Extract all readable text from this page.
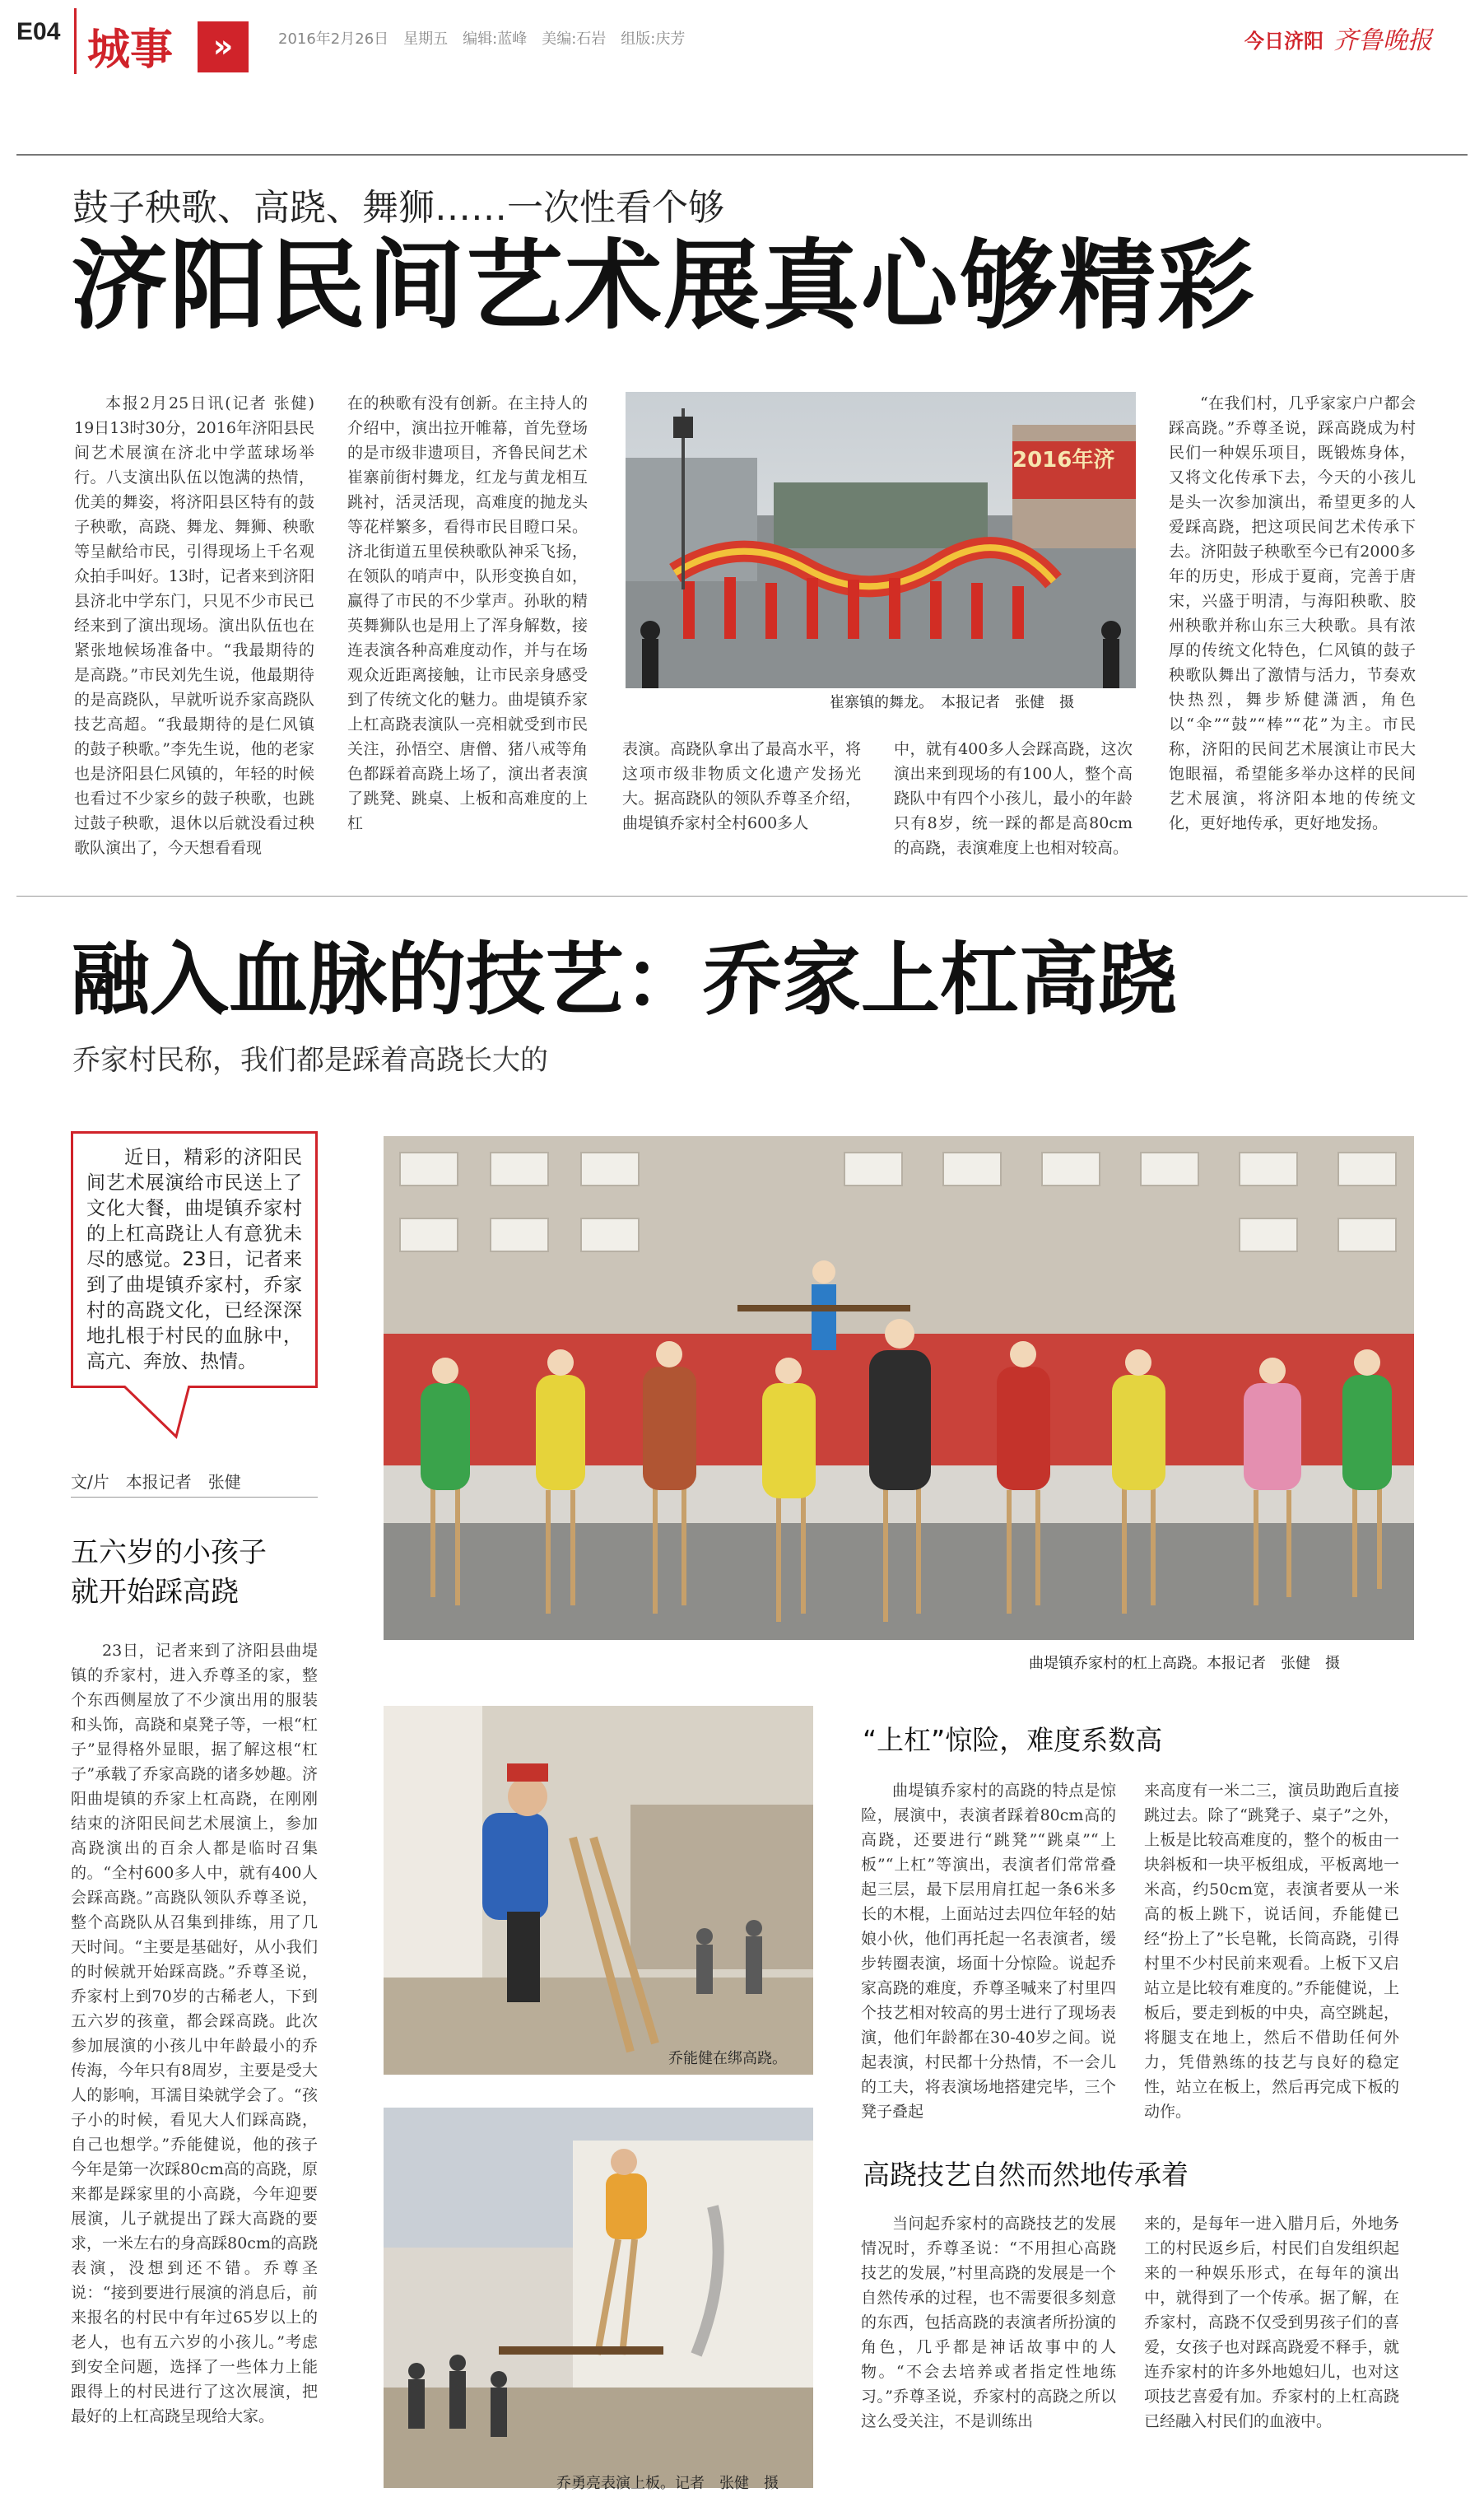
E04 城事	»	2016年2月26日　星期五　编辑:蓝峰　美编:石岩　组版:庆芳	今日济阳 齐鲁晚报
鼓子秧歌、高跷、舞狮……一次性看个够
济阳民间艺术展真心够精彩

本报2月25日讯(记者 张健) 19日13时30分，2016年济阳县民间艺术展演在济北中学蓝球场举行。八支演出队伍以饱满的热情，优美的舞姿，将济阳县区特有的鼓子秧歌，高跷、舞龙、舞狮、秧歌等呈献给市民，引得现场上千名观众拍手叫好。13时，记者来到济阳县济北中学东门，只见不少市民已经来到了演出现场。演出队伍也在紧张地候场准备中。“我最期待的是高跷。”市民刘先生说，他最期待的是高跷队，早就听说乔家高跷队技艺高超。“我最期待的是仁风镇的鼓子秧歌。”李先生说，他的老家也是济阳县仁风镇的，年轻的时候也看过不少家乡的鼓子秧歌，也跳过鼓子秧歌，退休以后就没看过秧歌队演出了，今天想看看现

在的秧歌有没有创新。在主持人的介绍中，演出拉开帷幕，首先登场的是市级非遗项目，齐鲁民间艺术崔寨前街村舞龙，红龙与黄龙相互跳衬，活灵活现，高难度的抛龙头等花样繁多，看得市民目瞪口呆。济北街道五里侯秧歌队神采飞扬，在领队的哨声中，队形变换自如，赢得了市民的不少掌声。孙耿的精英舞狮队也是用上了浑身解数，接连表演各种高难度动作，并与在场观众近距离接触，让市民亲身感受到了传统文化的魅力。曲堤镇乔家上杠高跷表演队一亮相就受到市民关注，孙悟空、唐僧、猪八戒等角色都踩着高跷上场了，演出者表演了跳凳、跳桌、上板和高难度的上杠

2016年济
崔寨镇的舞龙。　本报记者　张健　摄

表演。高跷队拿出了最高水平，将这项市级非物质文化遗产发扬光大。据高跷队的领队乔尊圣介绍，曲堤镇乔家村全村600多人

中，就有400多人会踩高跷，这次演出来到现场的有100人，整个高跷队中有四个小孩儿，最小的年龄只有8岁，统一踩的都是高80cm的高跷，表演难度上也相对较高。

“在我们村，几乎家家户户都会踩高跷。”乔尊圣说，踩高跷成为村民们一种娱乐项目，既锻炼身体，又将文化传承下去，今天的小孩儿是头一次参加演出，希望更多的人爱踩高跷，把这项民间艺术传承下去。济阳鼓子秧歌至今已有2000多年的历史，形成于夏商，完善于唐宋，兴盛于明清，与海阳秧歌、胶州秧歌并称山东三大秧歌。具有浓厚的传统文化特色，仁风镇的鼓子秧歌队舞出了激情与活力，节奏欢快热烈，舞步矫健潇洒，角色以“伞”“鼓”“棒”“花”为主。市民称，济阳的民间艺术展演让市民大饱眼福，希望能多举办这样的民间艺术展演，将济阳本地的传统文化，更好地传承，更好地发扬。

融入血脉的技艺：乔家上杠高跷
乔家村民称，我们都是踩着高跷长大的
近日，精彩的济阳民间艺术展演给市民送上了文化大餐，曲堤镇乔家村的上杠高跷让人有意犹未尽的感觉。23日，记者来到了曲堤镇乔家村，乔家村的高跷文化，已经深深地扎根于村民的血脉中，高亢、奔放、热情。
文/片　本报记者　张健
五六岁的小孩子
就开始踩高跷

23日，记者来到了济阳县曲堤镇的乔家村，进入乔尊圣的家，整个东西侧屋放了不少演出用的服装和头饰，高跷和桌凳子等，一根“杠子”显得格外显眼，据了解这根“杠子”承载了乔家高跷的诸多妙趣。济阳曲堤镇的乔家上杠高跷，在刚刚结束的济阳民间艺术展演上，参加高跷演出的百余人都是临时召集的。“全村600多人中，就有400人会踩高跷。”高跷队领队乔尊圣说，整个高跷队从召集到排练，用了几天时间。“主要是基础好，从小我们的时候就开始踩高跷。”乔尊圣说，乔家村上到70岁的古稀老人，下到五六岁的孩童，都会踩高跷。此次参加展演的小孩儿中年龄最小的乔传海，今年只有8周岁，主要是受大人的影响，耳濡目染就学会了。“孩子小的时候，看见大人们踩高跷，自己也想学。”乔能健说，他的孩子今年是第一次踩80cm高的高跷，原来都是踩家里的小高跷，今年迎要展演，儿子就提出了踩大高跷的要求，一米左右的身高踩80cm的高跷表演，没想到还不错。乔尊圣说：“接到要进行展演的消息后，前来报名的村民中有年过65岁以上的老人，也有五六岁的小孩儿。”考虑到安全问题，选择了一些体力上能跟得上的村民进行了这次展演，把最好的上杠高跷呈现给大家。

曲堤镇乔家村的杠上高跷。本报记者　张健　摄
乔能健在绑高跷。
乔勇亮表演上板。记者　张健　摄
“上杠”惊险，难度系数高

曲堤镇乔家村的高跷的特点是惊险，展演中，表演者踩着80cm高的高跷，还要进行“跳凳”“跳桌”“上板”“上杠”等演出，表演者们常常叠起三层，最下层用肩扛起一条6米多长的木棍，上面站过去四位年轻的姑娘小伙，他们再托起一名表演者，缓步转圈表演，场面十分惊险。说起乔家高跷的难度，乔尊圣喊来了村里四个技艺相对较高的男士进行了现场表演，他们年龄都在30-40岁之间。说起表演，村民都十分热情，不一会儿的工夫，将表演场地搭建完毕，三个凳子叠起

来高度有一米二三，演员助跑后直接跳过去。除了“跳凳子、桌子”之外，上板是比较高难度的，整个的板由一块斜板和一块平板组成，平板离地一米高，约50cm宽，表演者要从一米高的板上跳下，说话间，乔能健已经“扮上了”长皂靴，长筒高跷，引得村里不少村民前来观看。上板下又启站立是比较有难度的。”乔能健说，上板后，要走到板的中央，高空跳起，将腿支在地上，然后不借助任何外力，凭借熟练的技艺与良好的稳定性，站立在板上，然后再完成下板的动作。

高跷技艺自然而然地传承着

当问起乔家村的高跷技艺的发展情况时，乔尊圣说：“不用担心高跷技艺的发展，”村里高跷的发展是一个自然传承的过程，也不需要很多刻意的东西，包括高跷的表演者所扮演的角色，几乎都是神话故事中的人物。“不会去培养或者指定性地练习。”乔尊圣说，乔家村的高跷之所以这么受关注，不是训练出

来的，是每年一进入腊月后，外地务工的村民返乡后，村民们自发组织起来的一种娱乐形式，在每年的演出中，就得到了一个传承。据了解，在乔家村，高跷不仅受到男孩子们的喜爱，女孩子也对踩高跷爱不释手，就连乔家村的许多外地媳妇儿，也对这项技艺喜爱有加。乔家村的上杠高跷已经融入村民们的血液中。
